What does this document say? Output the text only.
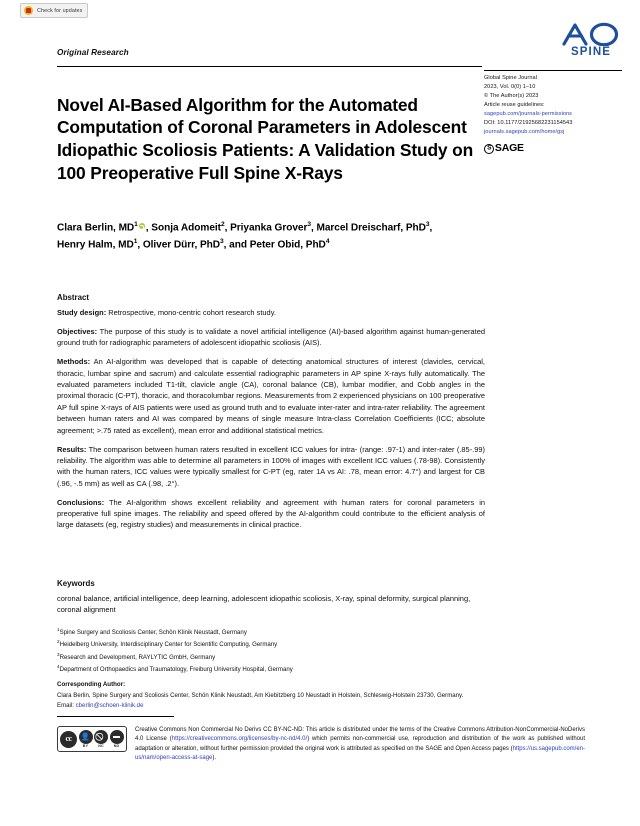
Check for updates
Original Research	SPINE
Global Spine Journal
2023, Vol. 0(0) 1–10
© The Author(s) 2023
Article reuse guidelines:
sagepub.com/journals-permissions
DOI: 10.1177/21925682231154543
journals.sagepub.com/home/gsj
S
SAGE
Novel AI-Based Algorithm for the Automated Computation of Coronal Parameters in Adolescent Idiopathic Scoliosis Patients: A Validation Study on 100 Preoperative Full Spine X-Rays
Clara Berlin, $MD^1$ , Sonja Adomeit$^2$, Priyanka Grover$^3$, Marcel Dreischarf, PhD$^3$,
Henry Halm, $MD^1$, Oliver Dürr, PhD$^3$, and Peter Obid, PhD$^4$
Abstract

Study design: Retrospective, mono-centric cohort research study.

Objectives: The purpose of this study is to validate a novel artificial intelligence (AI)-based algorithm against human-generated ground truth for radiographic parameters of adolescent idiopathic scoliosis (AIS).

Methods: An AI-algorithm was developed that is capable of detecting anatomical structures of interest (clavicles, cervical, thoracic, lumbar spine and sacrum) and calculate essential radiographic parameters in AP spine X-rays fully automatically. The evaluated parameters included T1-tilt, clavicle angle (CA), coronal balance (CB), lumbar modifier, and Cobb angles in the proximal thoracic (C-PT), thoracic, and thoracolumbar regions. Measurements from 2 experienced physicians on 100 preoperative AP full spine X-rays of AIS patients were used as ground truth and to evaluate inter-rater and intra-rater reliability. The agreement between human raters and AI was compared by means of single measure Intra-class Correlation Coefficients (ICC; absolute agreement; >.75 rated as excellent), mean error and additional statistical metrics.

Results: The comparison between human raters resulted in excellent ICC values for intra- (range: .97-1) and inter-rater (.85-.99) reliability. The algorithm was able to determine all parameters in 100% of images with excellent ICC values (.78-98). Consistently with the human raters, ICC values were typically smallest for C-PT (eg, rater 1A vs AI: .78, mean error: 4.7°) and largest for CB (.96, -.5 mm) as well as CA (.98, .2°).

Conclusions: The AI-algorithm shows excellent reliability and agreement with human raters for coronal parameters in preoperative full spine images. The reliability and speed offered by the AI-algorithm could contribute to the efficient analysis of large datasets (eg, registry studies) and measurements in clinical practice.

Keywords
coronal balance, artificial intelligence, deep learning, adolescent idiopathic scoliosis, X-ray, spinal deformity, surgical planning, coronal alignment
$^1$Spine Surgery and Scoliosis Center, Schön Klinik Neustadt, Germany
$^2$Heidelberg University, Interdisciplinary Center for Scientific Computing, Germany
$^3$Research and Development, RAYLYTIC GmbH, Germany
$^4$Department of Orthopaedics and Traumatology, Freiburg University Hospital, Germany
Corresponding Author:
Clara Berlin, Spine Surgery and Scoliosis Center, Schön Klinik Neustadt, Am Kiebitzberg 10 Neustadt in Holstein, Schleswig-Holstein 23730, Germany.
Email: cberlin@schoen-klinik.de
cc 👤
BY	NC	ND
Creative Commons Non Commercial No Derivs CC BY-NC-ND: This article is distributed under the terms of the Creative Commons Attribution-NonCommercial-NoDerivs 4.0 License (https://creativecommons.org/licenses/by-nc-nd/4.0/) which permits non-commercial use, reproduction and distribution of the work as published without adaptation or alteration, without further permission provided the original work is attributed as specified on the SAGE and Open Access pages (https://us.sagepub.com/en-us/nam/open-access-at-sage).
